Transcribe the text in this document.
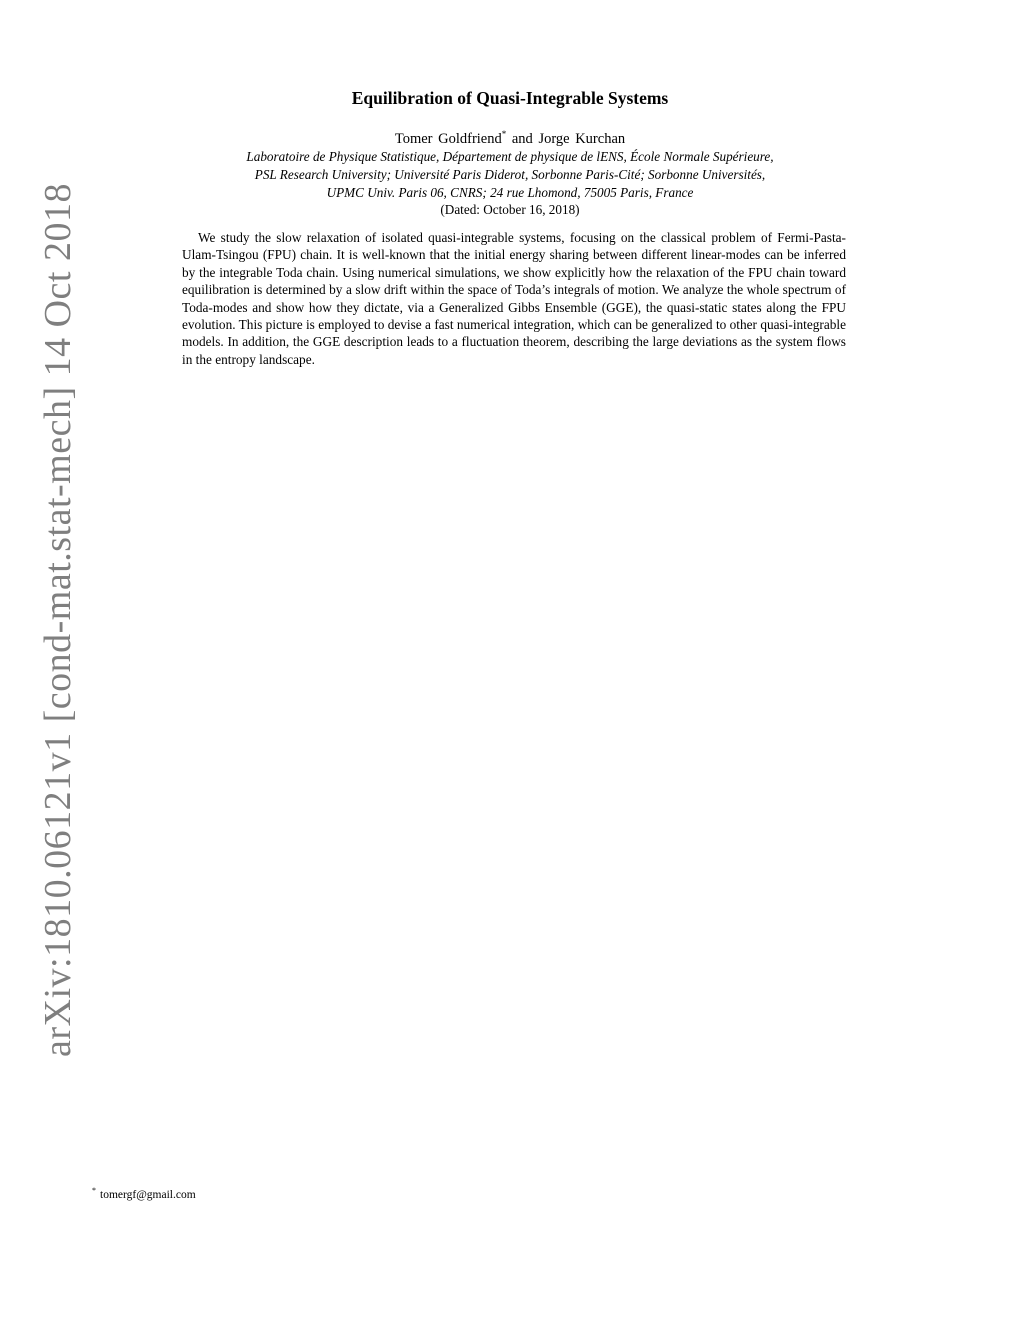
arXiv:1810.06121v1 [cond-mat.stat-mech] 14 Oct 2018
Equilibration of Quasi-Integrable Systems
Tomer Goldfriend* and Jorge Kurchan
Laboratoire de Physique Statistique, Département de physique de lENS, École Normale Supérieure,
PSL Research University; Université Paris Diderot, Sorbonne Paris-Cité; Sorbonne Universités,
UPMC Univ. Paris 06, CNRS; 24 rue Lhomond, 75005 Paris, France
(Dated: October 16, 2018)

We study the slow relaxation of isolated quasi-integrable systems, focusing on the classical problem of Fermi-Pasta-Ulam-Tsingou (FPU) chain. It is well-known that the initial energy sharing between different linear-modes can be inferred by the integrable Toda chain. Using numerical simulations, we show explicitly how the relaxation of the FPU chain toward equilibration is determined by a slow drift within the space of Toda’s integrals of motion. We analyze the whole spectrum of Toda-modes and show how they dictate, via a Generalized Gibbs Ensemble (GGE), the quasi-static states along the FPU evolution. This picture is employed to devise a fast numerical integration, which can be generalized to other quasi-integrable models. In addition, the GGE description leads to a fluctuation theorem, describing the large deviations as the system flows in the entropy landscape.

* tomergf@gmail.com
